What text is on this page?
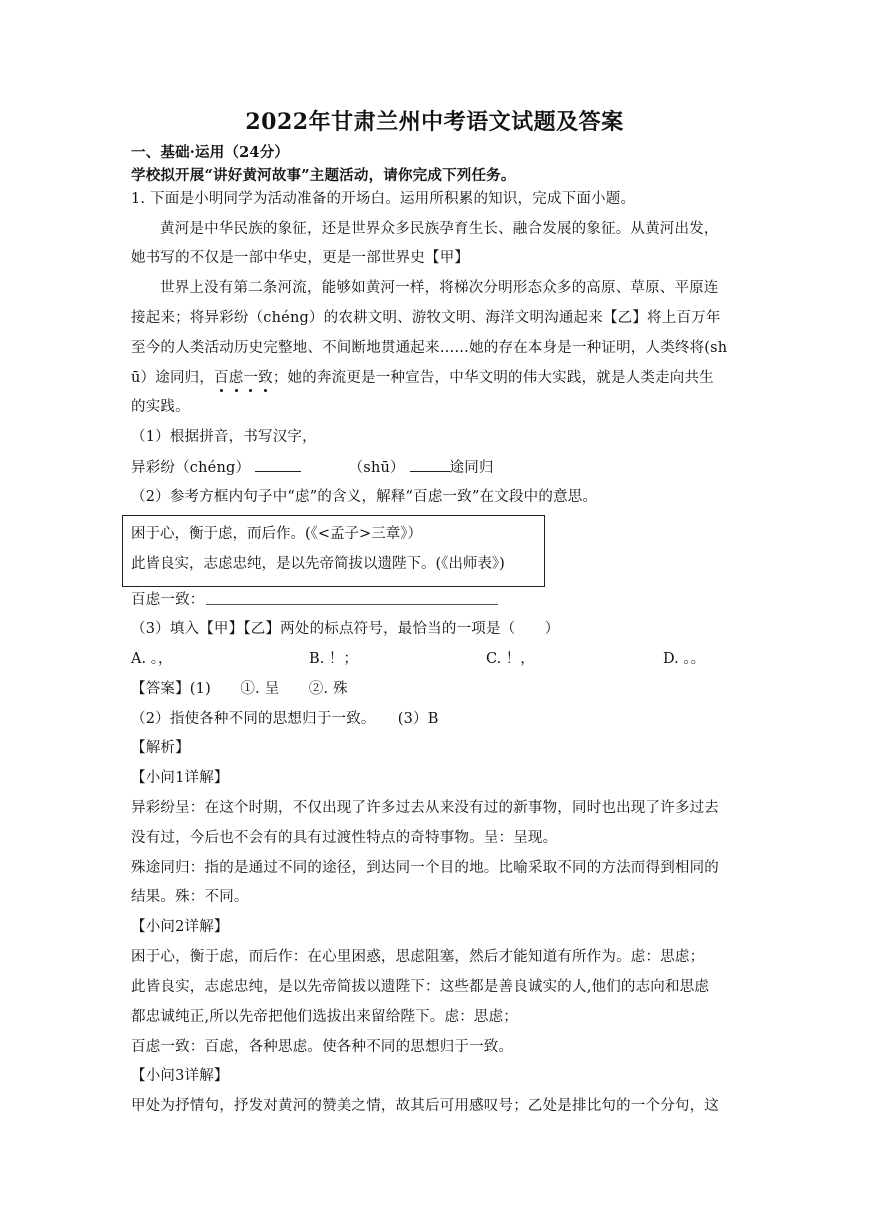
2022年甘肃兰州中考语文试题及答案
一、基础·运用（24分）
学校拟开展“讲好黄河故事”主题活动，请你完成下列任务。
1. 下面是小明同学为活动准备的开场白。运用所积累的知识，完成下面小题。
黄河是中华民族的象征，还是世界众多民族孕育生长、融合发展的象征。从黄河出发，
她书写的不仅是一部中华史，更是一部世界史【甲】
世界上没有第二条河流，能够如黄河一样，将梯次分明形态众多的高原、草原、平原连
接起来；将异彩纷（chéng）的农耕文明、游牧文明、海洋文明沟通起来【乙】将上百万年
至今的人类活动历史完整地、不间断地贯通起来……她的存在本身是一种证明，人类终将(sh
ū）途同归，百虑一致；她的奔流更是一种宣告，中华文明的伟大实践，就是人类走向共生
的实践。
（1）根据拼音，书写汉字，
异彩纷（chéng）	（shū）	途同归
（2）参考方框内句子中“虑”的含义，解释“百虑一致”在文段中的意思。
困于心，衡于虑，而后作。(《<孟子>三章》）
此皆良实，志虑忠纯，是以先帝简拔以遗陛下。(《出师表》)
百虑一致：
（3）填入【甲】【乙】两处的标点符号，最恰当的一项是（　　）
A. 。，	B. ！；	C. ！，	D. 。。
【答案】(1)　　①. 呈　　②. 殊
（2）指使各种不同的思想归于一致。　　(3）B
【解析】
【小问1详解】
异彩纷呈：在这个时期，不仅出现了许多过去从来没有过的新事物，同时也出现了许多过去
没有过，今后也不会有的具有过渡性特点的奇特事物。呈：呈现。
殊途同归：指的是通过不同的途径，到达同一个目的地。比喻采取不同的方法而得到相同的
结果。殊：不同。
【小问2详解】
困于心，衡于虑，而后作：在心里困惑，思虑阻塞，然后才能知道有所作为。虑：思虑；
此皆良实，志虑忠纯，是以先帝简拔以遗陛下：这些都是善良诚实的人,他们的志向和思虑
都忠诚纯正,所以先帝把他们选拔出来留给陛下。虑：思虑；
百虑一致：百虑，各种思虑。使各种不同的思想归于一致。
【小问3详解】
甲处为抒情句，抒发对黄河的赞美之情，故其后可用感叹号；乙处是排比句的一个分句，这
